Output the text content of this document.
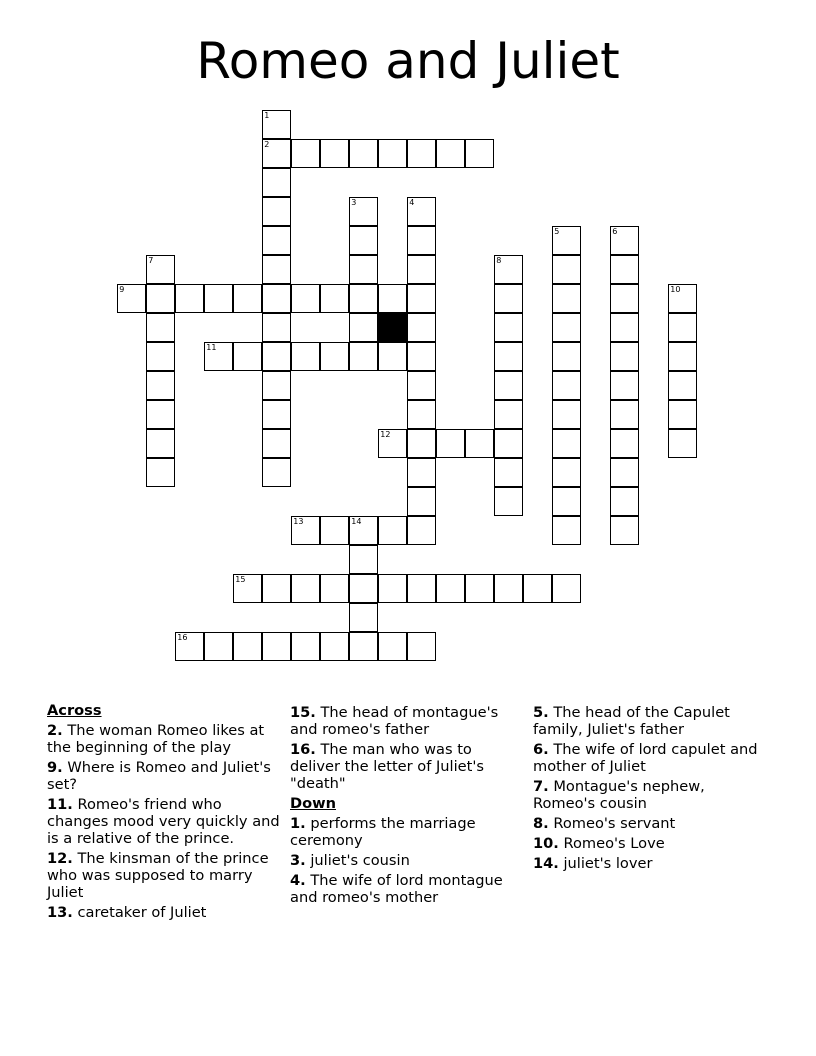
Romeo and Juliet
1
2
3	4
5	6
7	8
9	10
11
12
13	14
15
16
Across
2. The woman Romeo likes at the beginning of the play
9. Where is Romeo and Juliet's set?
11. Romeo's friend who changes mood very quickly and is a relative of the prince.
12. The kinsman of the prince who was supposed to marry Juliet
13. caretaker of Juliet
15. The head of montague's and romeo's father
16. The man who was to deliver the letter of Juliet's "death"
Down
1. performs the marriage ceremony
3. juliet's cousin
4. The wife of lord montague and romeo's mother
5. The head of the Capulet family, Juliet's father
6. The wife of lord capulet and mother of Juliet
7. Montague's nephew, Romeo's cousin
8. Romeo's servant
10. Romeo's Love
14. juliet's lover
